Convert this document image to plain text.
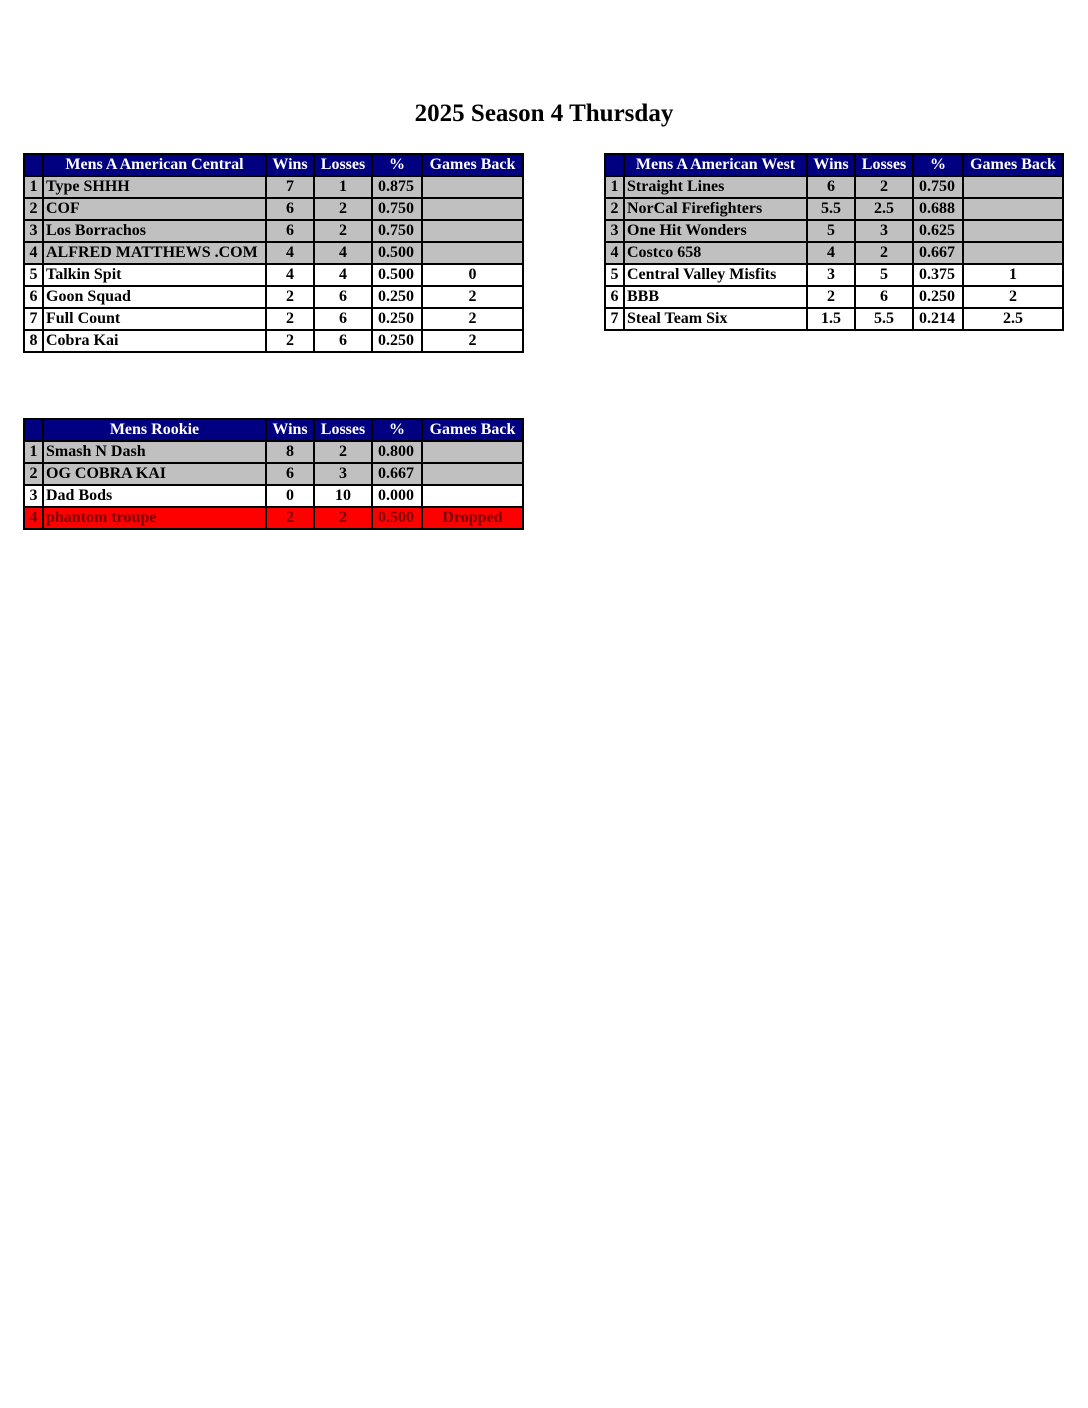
2025 Season 4 Thursday
	Mens A American Central	Wins	Losses	%	Games Back
1	Type SHHH	7	1	0.875	
2	COF	6	2	0.750	
3	Los Borrachos	6	2	0.750	
4	ALFRED MATTHEWS .COM	4	4	0.500	
5	Talkin Spit	4	4	0.500	0
6	Goon Squad	2	6	0.250	2
7	Full Count	2	6	0.250	2
8	Cobra Kai	2	6	0.250	2
	Mens A American West	Wins	Losses	%	Games Back
1	Straight Lines	6	2	0.750	
2	NorCal Firefighters	5.5	2.5	0.688	
3	One Hit Wonders	5	3	0.625	
4	Costco 658	4	2	0.667	
5	Central Valley Misfits	3	5	0.375	1
6	BBB	2	6	0.250	2
7	Steal Team Six	1.5	5.5	0.214	2.5
	Mens Rookie	Wins	Losses	%	Games Back
1	Smash N Dash	8	2	0.800	
2	OG COBRA KAI	6	3	0.667	
3	Dad Bods	0	10	0.000	
4	phantom troupe	2	2	0.500	Dropped
